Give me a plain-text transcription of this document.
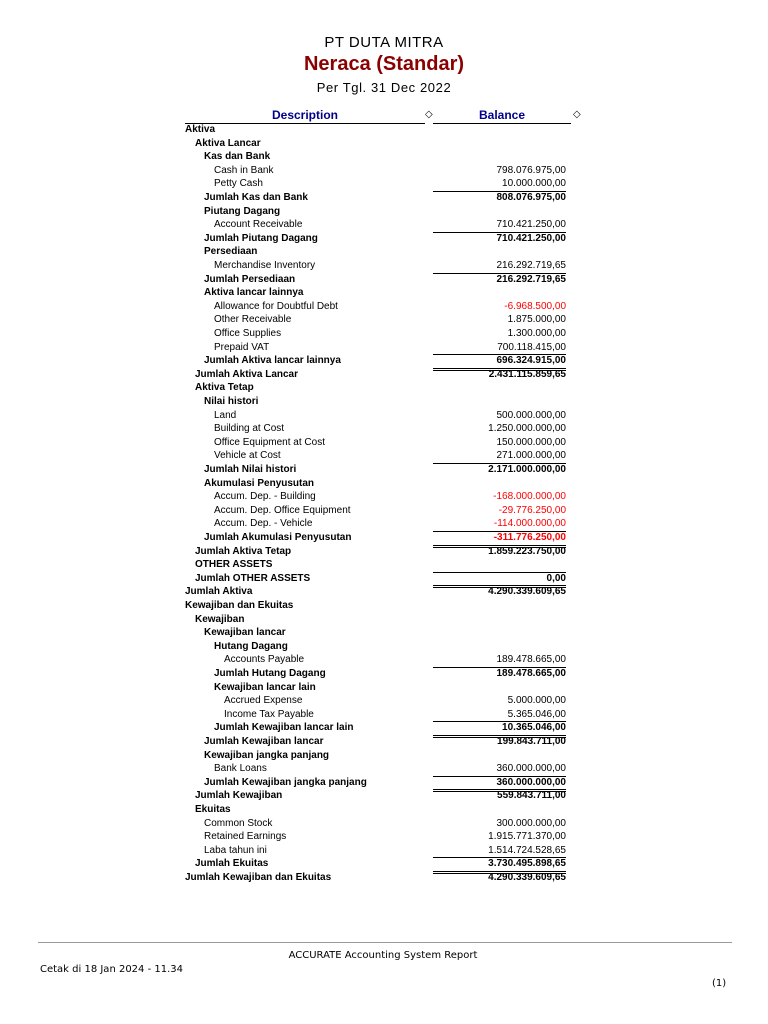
PT DUTA MITRA
Neraca (Standar)
Per Tgl. 31 Dec 2022
Description	◇	Balance	◇
Aktiva
Aktiva Lancar
Kas dan Bank
Cash in Bank	798.076.975,00
Petty Cash	10.000.000,00
Jumlah Kas dan Bank	808.076.975,00
Piutang Dagang
Account Receivable	710.421.250,00
Jumlah Piutang Dagang	710.421.250,00
Persediaan
Merchandise Inventory	216.292.719,65
Jumlah Persediaan	216.292.719,65
Aktiva lancar lainnya
Allowance for Doubtful Debt	-6.968.500,00
Other Receivable	1.875.000,00
Office Supplies	1.300.000,00
Prepaid VAT	700.118.415,00
Jumlah Aktiva lancar lainnya	696.324.915,00
Jumlah Aktiva Lancar	2.431.115.859,65
Aktiva Tetap
Nilai histori
Land	500.000.000,00
Building at Cost	1.250.000.000,00
Office Equipment at Cost	150.000.000,00
Vehicle at Cost	271.000.000,00
Jumlah Nilai histori	2.171.000.000,00
Akumulasi Penyusutan
Accum. Dep. - Building	-168.000.000,00
Accum. Dep. Office Equipment	-29.776.250,00
Accum. Dep. - Vehicle	-114.000.000,00
Jumlah Akumulasi Penyusutan	-311.776.250,00
Jumlah Aktiva Tetap	1.859.223.750,00
OTHER ASSETS
Jumlah OTHER ASSETS	0,00
Jumlah Aktiva	4.290.339.609,65
Kewajiban dan Ekuitas
Kewajiban
Kewajiban lancar
Hutang Dagang
Accounts Payable	189.478.665,00
Jumlah Hutang Dagang	189.478.665,00
Kewajiban lancar lain
Accrued Expense	5.000.000,00
Income Tax Payable	5.365.046,00
Jumlah Kewajiban lancar lain	10.365.046,00
Jumlah Kewajiban lancar	199.843.711,00
Kewajiban jangka panjang
Bank Loans	360.000.000,00
Jumlah Kewajiban jangka panjang	360.000.000,00
Jumlah Kewajiban	559.843.711,00
Ekuitas
Common Stock	300.000.000,00
Retained Earnings	1.915.771.370,00
Laba tahun ini	1.514.724.528,65
Jumlah Ekuitas	3.730.495.898,65
Jumlah Kewajiban dan Ekuitas	4.290.339.609,65
ACCURATE Accounting System Report
Cetak di 18 Jan 2024 - 11.34
(1)
